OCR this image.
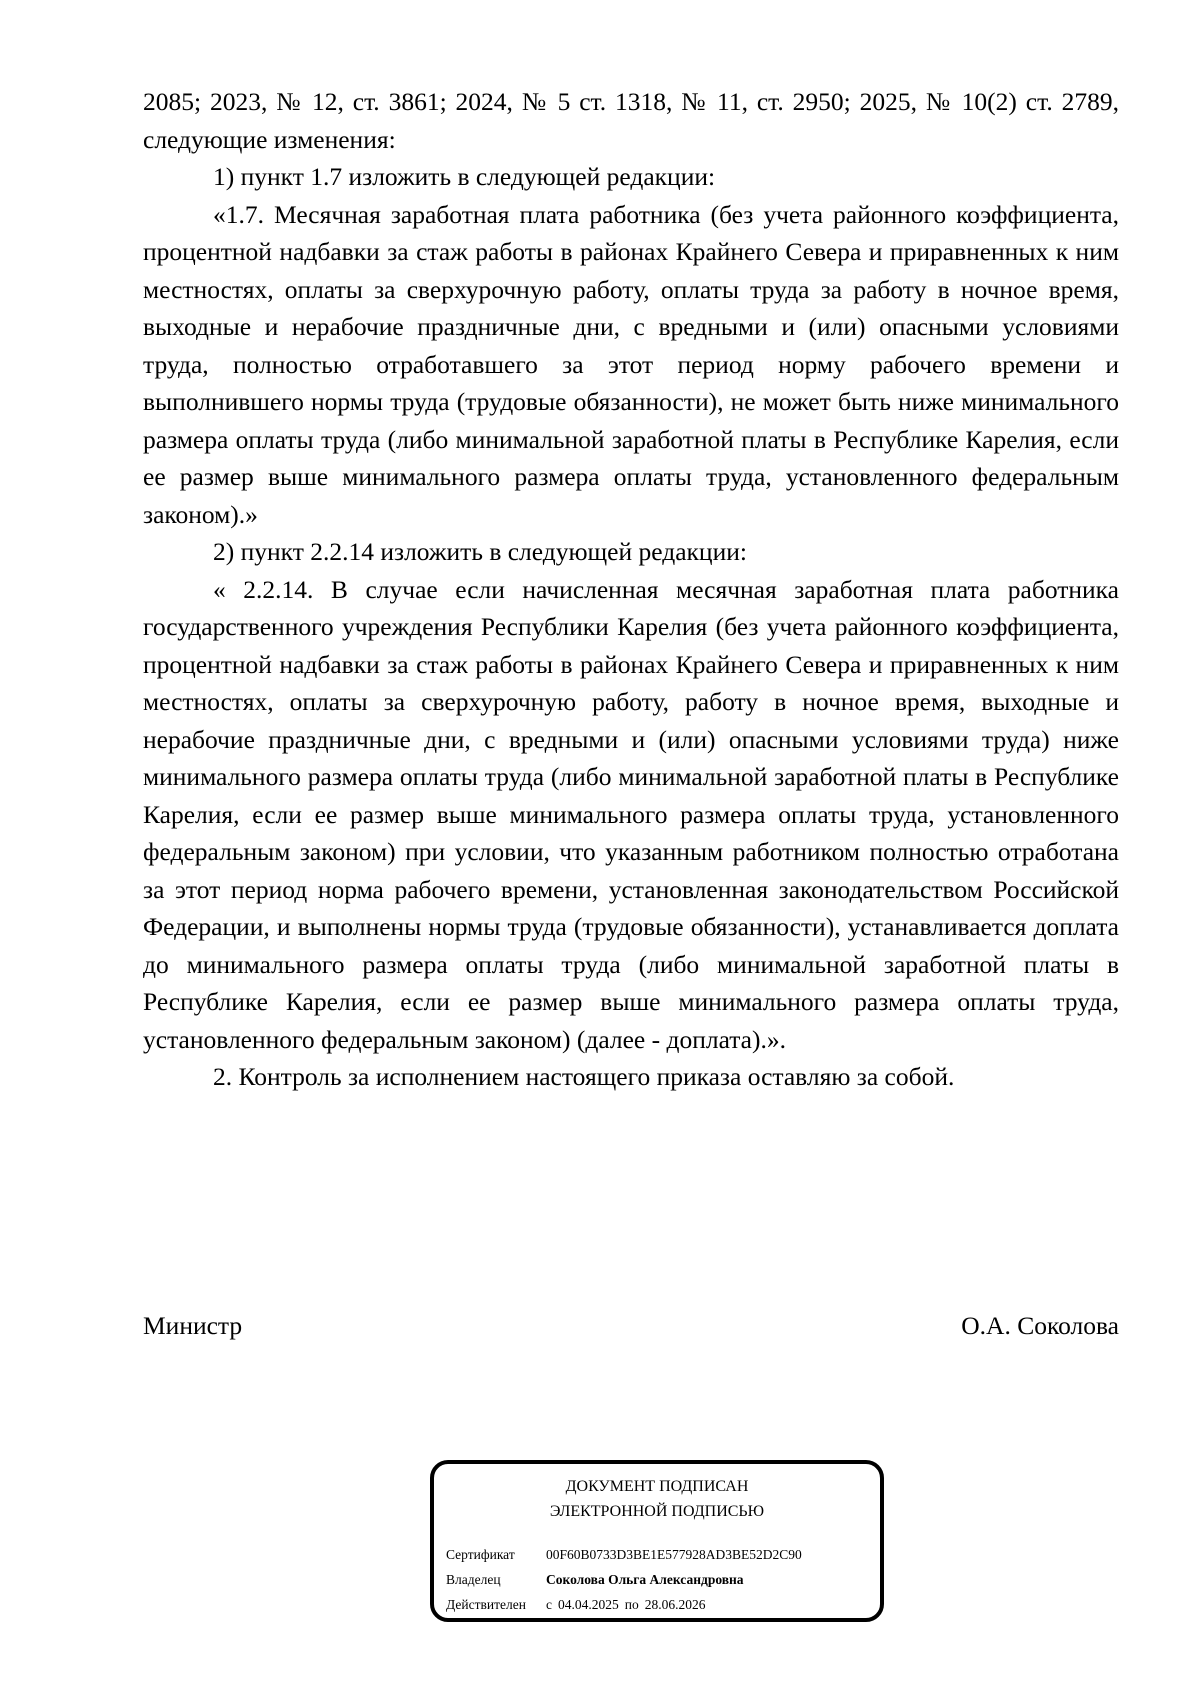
2085; 2023, № 12, ст. 3861; 2024, № 5 ст. 1318, № 11, ст. 2950; 2025, № 10(2) ст. 2789, следующие изменения:

1) пункт 1.7 изложить в следующей редакции:

«1.7. Месячная заработная плата работника (без учета районного коэффициента, процентной надбавки за стаж работы в районах Крайнего Севера и приравненных к ним местностях, оплаты за сверхурочную работу, оплаты труда за работу в ночное время, выходные и нерабочие праздничные дни, с вредными и (или) опасными условиями труда, полностью отработавшего за этот период норму рабочего времени и выполнившего нормы труда (трудовые обязанности), не может быть ниже минимального размера оплаты труда (либо минимальной заработной платы в Республике Карелия, если ее размер выше минимального размера оплаты труда, установленного федеральным законом).»

2) пункт 2.2.14 изложить в следующей редакции:

« 2.2.14. В случае если начисленная месячная заработная плата работника государственного учреждения Республики Карелия (без учета районного коэффициента, процентной надбавки за стаж работы в районах Крайнего Севера и приравненных к ним местностях, оплаты за сверхурочную работу, работу в ночное время, выходные и нерабочие праздничные дни, с вредными и (или) опасными условиями труда) ниже минимального размера оплаты труда (либо минимальной заработной платы в Республике Карелия, если ее размер выше минимального размера оплаты труда, установленного федеральным законом) при условии, что указанным работником полностью отработана за этот период норма рабочего времени, установленная законодательством Российской Федерации, и выполнены нормы труда (трудовые обязанности), устанавливается доплата до минимального размера оплаты труда (либо минимальной заработной платы в Республике Карелия, если ее размер выше минимального размера оплаты труда, установленного федеральным законом) (далее - доплата).».

2. Контроль за исполнением настоящего приказа оставляю за собой.

Министр	О.А. Соколова
ДОКУМЕНТ ПОДПИСАН
ЭЛЕКТРОННОЙ ПОДПИСЬЮ
Сертификат 00F60B0733D3BE1E577928AD3BE52D2C90
Владелец	Соколова Ольга Александровна
Действителен с 04.04.2025 по 28.06.2026
